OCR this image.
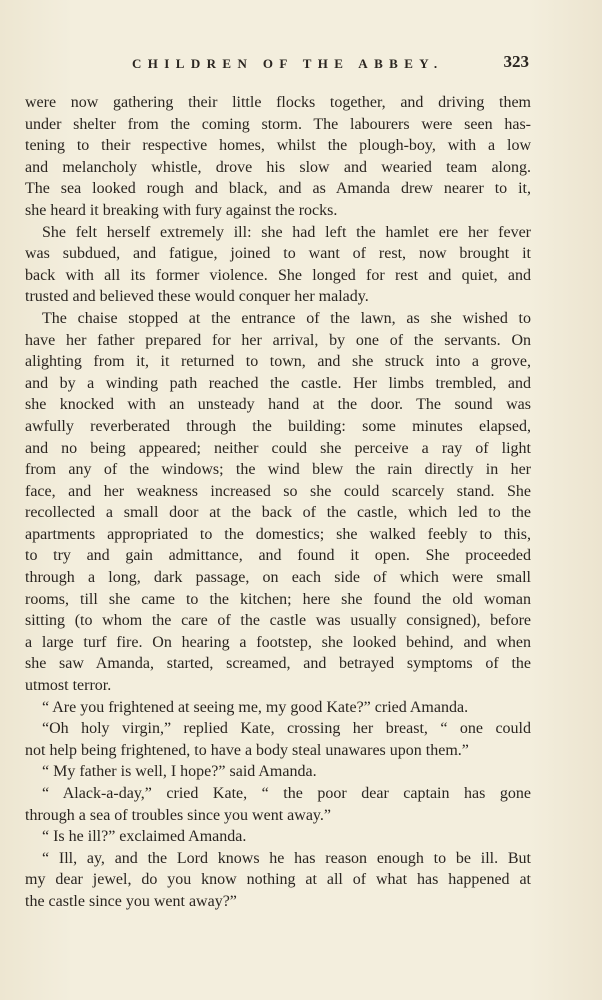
CHILDREN OF THE ABBEY.	323
were now gathering their little flocks together, and driving them
under shelter from the coming storm. The labourers were seen has-
tening to their respective homes, whilst the plough-boy, with a low
and melancholy whistle, drove his slow and wearied team along.
The sea looked rough and black, and as Amanda drew nearer to it,
she heard it breaking with fury against the rocks.
She felt herself extremely ill: she had left the hamlet ere her fever
was subdued, and fatigue, joined to want of rest, now brought it
back with all its former violence. She longed for rest and quiet, and
trusted and believed these would conquer her malady.
The chaise stopped at the entrance of the lawn, as she wished to
have her father prepared for her arrival, by one of the servants. On
alighting from it, it returned to town, and she struck into a grove,
and by a winding path reached the castle. Her limbs trembled, and
she knocked with an unsteady hand at the door. The sound was
awfully reverberated through the building: some minutes elapsed,
and no being appeared; neither could she perceive a ray of light
from any of the windows; the wind blew the rain directly in her
face, and her weakness increased so she could scarcely stand. She
recollected a small door at the back of the castle, which led to the
apartments appropriated to the domestics; she walked feebly to this,
to try and gain admittance, and found it open. She proceeded
through a long, dark passage, on each side of which were small
rooms, till she came to the kitchen; here she found the old woman
sitting (to whom the care of the castle was usually consigned), before
a large turf fire. On hearing a footstep, she looked behind, and when
she saw Amanda, started, screamed, and betrayed symptoms of the
utmost terror.
“ Are you frightened at seeing me, my good Kate?” cried Amanda.
“Oh holy virgin,” replied Kate, crossing her breast, “ one could
not help being frightened, to have a body steal unawares upon them.”
“ My father is well, I hope?” said Amanda.
“ Alack-a-day,” cried Kate, “ the poor dear captain has gone
through a sea of troubles since you went away.”
“ Is he ill?” exclaimed Amanda.
“ Ill, ay, and the Lord knows he has reason enough to be ill. But
my dear jewel, do you know nothing at all of what has happened at
the castle since you went away?”
